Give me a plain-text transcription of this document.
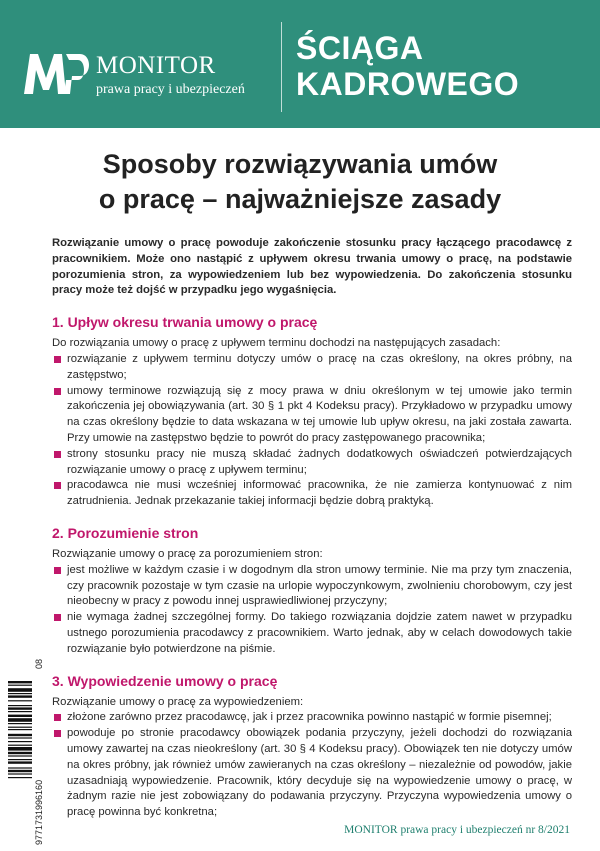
MONITOR
prawa pracy i ubezpieczeń
ŚCIĄGA
KADROWEGO
Sposoby rozwiązywania umów
o pracę – najważniejsze zasady

Rozwiązanie umowy o pracę powoduje zakończenie stosunku pracy łączącego pracodawcę z pracownikiem. Może ono nastąpić z upływem okresu trwania umowy o pracę, na podstawie porozumienia stron, za wypowiedzeniem lub bez wypowiedzenia. Do zakończenia stosunku pracy może też dojść w przypadku jego wygaśnięcia.

1. Upływ okresu trwania umowy o pracę

Do rozwiązania umowy o pracę z upływem terminu dochodzi na następujących zasadach:

rozwiązanie z upływem terminu dotyczy umów o pracę na czas określony, na okres próbny, na zastępstwo;
umowy terminowe rozwiązują się z mocy prawa w dniu określonym w tej umowie jako termin zakończenia jej obowiązywania (art. 30 § 1 pkt 4 Kodeksu pracy). Przykładowo w przypadku umowy na czas określony będzie to data wskazana w tej umowie lub upływ okresu, na jaki została zawarta. Przy umowie na zastępstwo będzie to powrót do pracy zastępowanego pracownika;
strony stosunku pracy nie muszą składać żadnych dodatkowych oświadczeń potwierdzających rozwiązanie umowy o pracę z upływem terminu;
pracodawca nie musi wcześniej informować pracownika, że nie zamierza kontynuować z nim zatrudnienia. Jednak przekazanie takiej informacji będzie dobrą praktyką.
2. Porozumienie stron

Rozwiązanie umowy o pracę za porozumieniem stron:

jest możliwe w każdym czasie i w dogodnym dla stron umowy terminie. Nie ma przy tym znaczenia, czy pracownik pozostaje w tym czasie na urlopie wypoczynkowym, zwolnieniu chorobowym, czy jest nieobecny w pracy z powodu innej usprawiedliwionej przyczyny;
nie wymaga żadnej szczególnej formy. Do takiego rozwiązania dojdzie zatem nawet w przypadku ustnego porozumienia pracodawcy z pracownikiem. Warto jednak, aby w celach dowodowych takie rozwiązanie było potwierdzone na piśmie.
3. Wypowiedzenie umowy o pracę

Rozwiązanie umowy o pracę za wypowiedzeniem:

złożone zarówno przez pracodawcę, jak i przez pracownika powinno nastąpić w formie pisemnej;
powoduje po stronie pracodawcy obowiązek podania przyczyny, jeżeli dochodzi do rozwiązania umowy zawartej na czas nieokreślony (art. 30 § 4 Kodeksu pracy). Obowiązek ten nie dotyczy umów na okres próbny, jak również umów zawieranych na czas określony – niezależnie od powodów, jakie uzasadniają wypowiedzenie. Pracownik, który decyduje się na wypowiedzenie umowy o pracę, w żadnym razie nie jest zobowiązany do podawania przyczyny. Przyczyna wypowiedzenia umowy o pracę powinna być konkretna;
9771731996160
08
MONITOR prawa pracy i ubezpieczeń nr 8/2021
